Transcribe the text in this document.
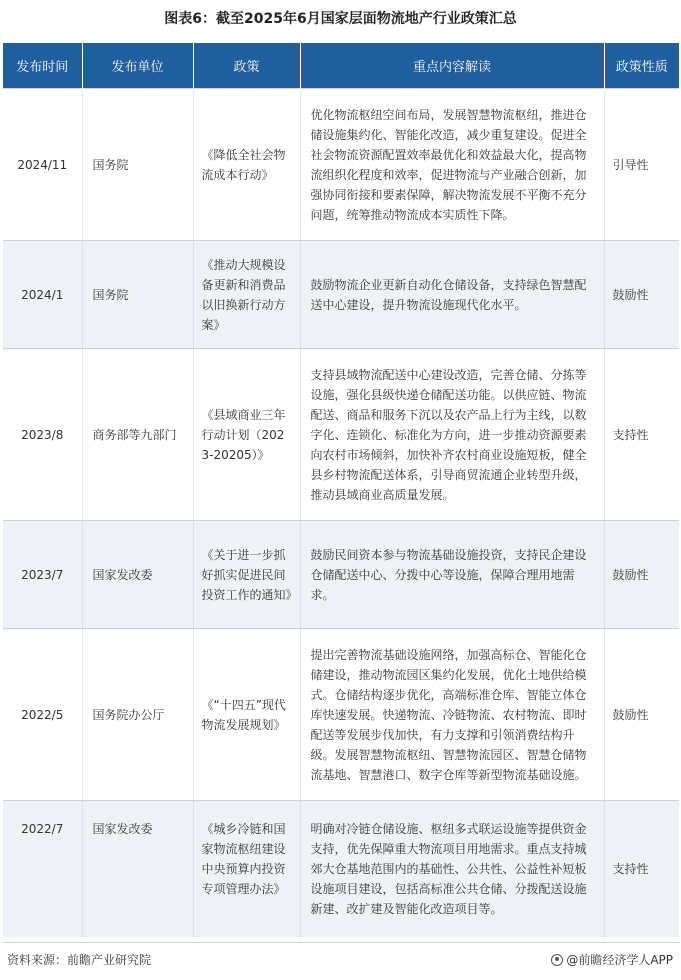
图表6：截至2025年6月国家层面物流地产行业政策汇总
发布时间	发布单位	政策	重点内容解读	政策性质
2024/11	国务院	《降低全社会物流成本行动》	优化物流枢纽空间布局，发展智慧物流枢纽，推进仓储设施集约化、智能化改造，减少重复建设。促进全社会物流资源配置效率最优化和效益最大化，提高物流组织化程度和效率，促进物流与产业融合创新，加强协同衔接和要素保障，解决物流发展不平衡不充分问题，统筹推动物流成本实质性下降。	引导性
2024/1	国务院	《推动大规模设备更新和消费品以旧换新行动方案》	鼓励物流企业更新自动化仓储设备，支持绿色智慧配送中心建设，提升物流设施现代化水平。	鼓励性
2023/8	商务部等九部门	《县域商业三年行动计划（2023-20205）》	支持县域物流配送中心建设改造，完善仓储、分拣等设施，强化县级快递仓储配送功能。以供应链、物流配送、商品和服务下沉以及农产品上行为主线，以数字化、连锁化、标准化为方向，进一步推动资源要素向农村市场倾斜，加快补齐农村商业设施短板，健全县乡村物流配送体系，引导商贸流通企业转型升级，推动县域商业高质量发展。	支持性
2023/7	国家发改委	《关于进一步抓好抓实促进民间投资工作的通知》	鼓励民间资本参与物流基础设施投资，支持民企建设仓储配送中心、分拨中心等设施，保障合理用地需求。	鼓励性
2022/5	国务院办公厅	《“十四五”现代物流发展规划》	提出完善物流基础设施网络，加强高标仓、智能化仓储建设，推动物流园区集约化发展，优化土地供给模式。仓储结构逐步优化，高端标准仓库、智能立体仓库快速发展。快递物流、冷链物流、农村物流、即时配送等发展步伐加快，有力支撑和引领消费结构升级。发展智慧物流枢纽、智慧物流园区、智慧仓储物流基地、智慧港口、数字仓库等新型物流基础设施。	鼓励性
2022/7	国家发改委	《城乡冷链和国家物流枢纽建设中央预算内投资专项管理办法》	明确对冷链仓储设施、枢纽多式联运设施等提供资金支持，优先保障重大物流项目用地需求。重点支持城郊大仓基地范围内的基础性、公共性、公益性补短板设施项目建设，包括高标准公共仓储、分拨配送设施新建、改扩建及智能化改造项目等。	支持性
资料来源：前瞻产业研究院	@前瞻经济学人APP
